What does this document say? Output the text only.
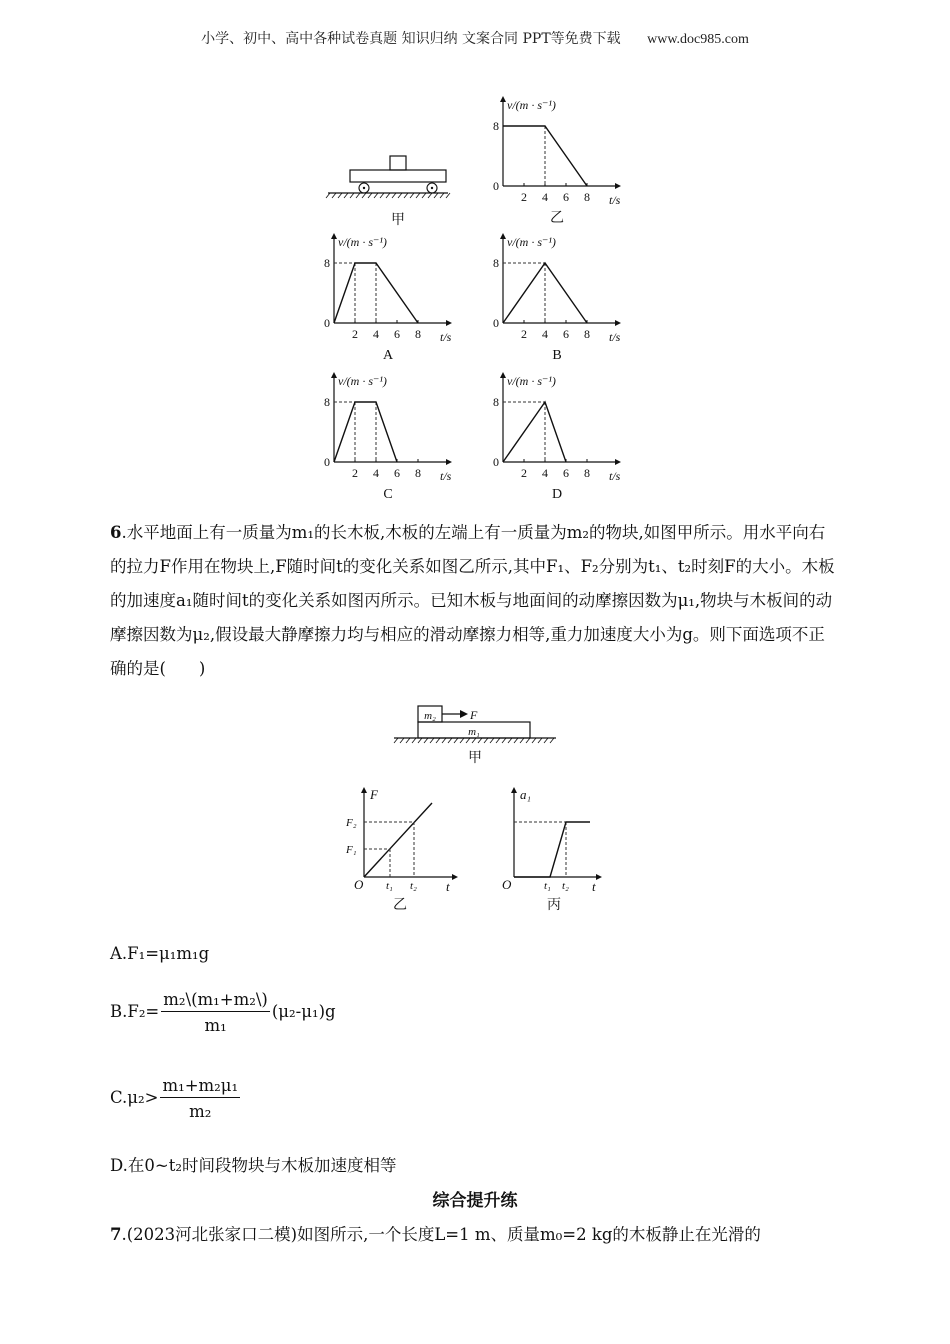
小学、初中、高中各种试卷真题 知识归纳 文案合同 PPT等免费下载 www.doc985.com
甲
v/(m · s⁻¹)
t/s
0
8
2 4 6 8
乙
v/(m · s⁻¹)
t/s
0
8
2 4 6 8
A
v/(m · s⁻¹)
t/s
0
8
2 4 6 8
B
v/(m · s⁻¹)
t/s
0
8
2 4 6 8
C
v/(m · s⁻¹)
t/s
0
8
2 4 6 8
D
6.水平地面上有一质量为m₁的长木板,木板的左端上有一质量为m₂的物块,如图甲所示。用水平向右的拉力F作用在物块上,F随时间t的变化关系如图乙所示,其中F₁、F₂分别为t₁、t₂时刻F的大小。木板的加速度a₁随时间t的变化关系如图丙所示。已知木板与地面间的动摩擦因数为μ₁,物块与木板间的动摩擦因数为μ₂,假设最大静摩擦力均与相应的滑动摩擦力相等,重力加速度大小为g。则下面选项不正确的是(　　)
m₂	F
m₁
甲
F
t
O
F₁
F₂
t₁ t₂
乙
a₁
t
O	t₁ t₂
丙
A.F₁=μ₁m₁g
$B.F_2= \frac{\text{m₂\textbackslash{}(m₁+m₂\textbackslash{})}}{\text{m₁}} (\mu_2-\mu_1)g$
$C.\mu_2> \frac{\text{m₁+m₂μ₁}}{\text{m₂}}$
D.在0~t₂时间段物块与木板加速度相等
综合提升练
7.(2023河北张家口二模)如图所示,一个长度L=1 m、质量m₀=2 kg的木板静止在光滑的
